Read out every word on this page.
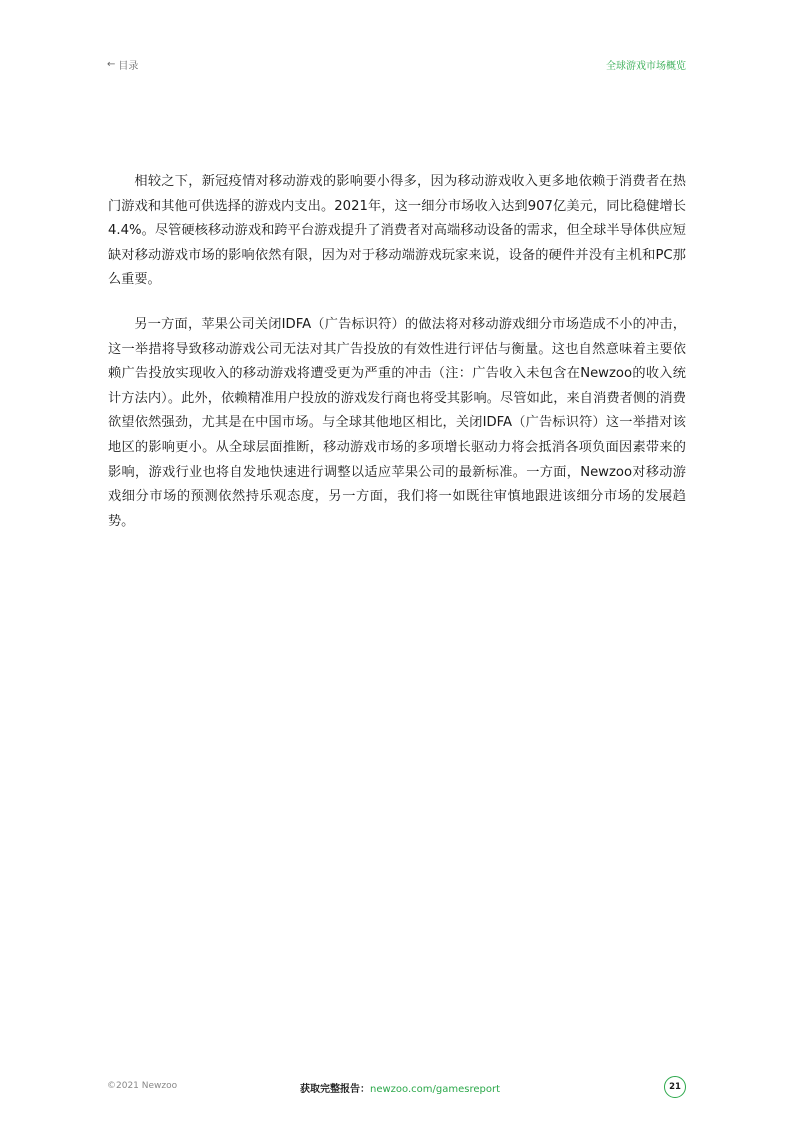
← 目录	全球游戏市场概览

相较之下，新冠疫情对移动游戏的影响要小得多，因为移动游戏收入更多地依赖于消费者在热门游戏和其他可供选择的游戏内支出。2021年，这一细分市场收入达到907亿美元，同比稳健增长4.4%。尽管硬核移动游戏和跨平台游戏提升了消费者对高端移动设备的需求，但全球半导体供应短缺对移动游戏市场的影响依然有限，因为对于移动端游戏玩家来说，设备的硬件并没有主机和PC那么重要。

另一方面，苹果公司关闭IDFA（广告标识符）的做法将对移动游戏细分市场造成不小的冲击，这一举措将导致移动游戏公司无法对其广告投放的有效性进行评估与衡量。这也自然意味着主要依赖广告投放实现收入的移动游戏将遭受更为严重的冲击（注：广告收入未包含在Newzoo的收入统计方法内）。此外，依赖精准用户投放的游戏发行商也将受其影响。尽管如此，来自消费者侧的消费欲望依然强劲，尤其是在中国市场。与全球其他地区相比，关闭IDFA（广告标识符）这一举措对该地区的影响更小。从全球层面推断，移动游戏市场的多项增长驱动力将会抵消各项负面因素带来的影响，游戏行业也将自发地快速进行调整以适应苹果公司的最新标准。一方面，Newzoo对移动游戏细分市场的预测依然持乐观态度，另一方面，我们将一如既往审慎地跟进该细分市场的发展趋势。

©2021 Newzoo	获取完整报告：newzoo.com/gamesreport	21
